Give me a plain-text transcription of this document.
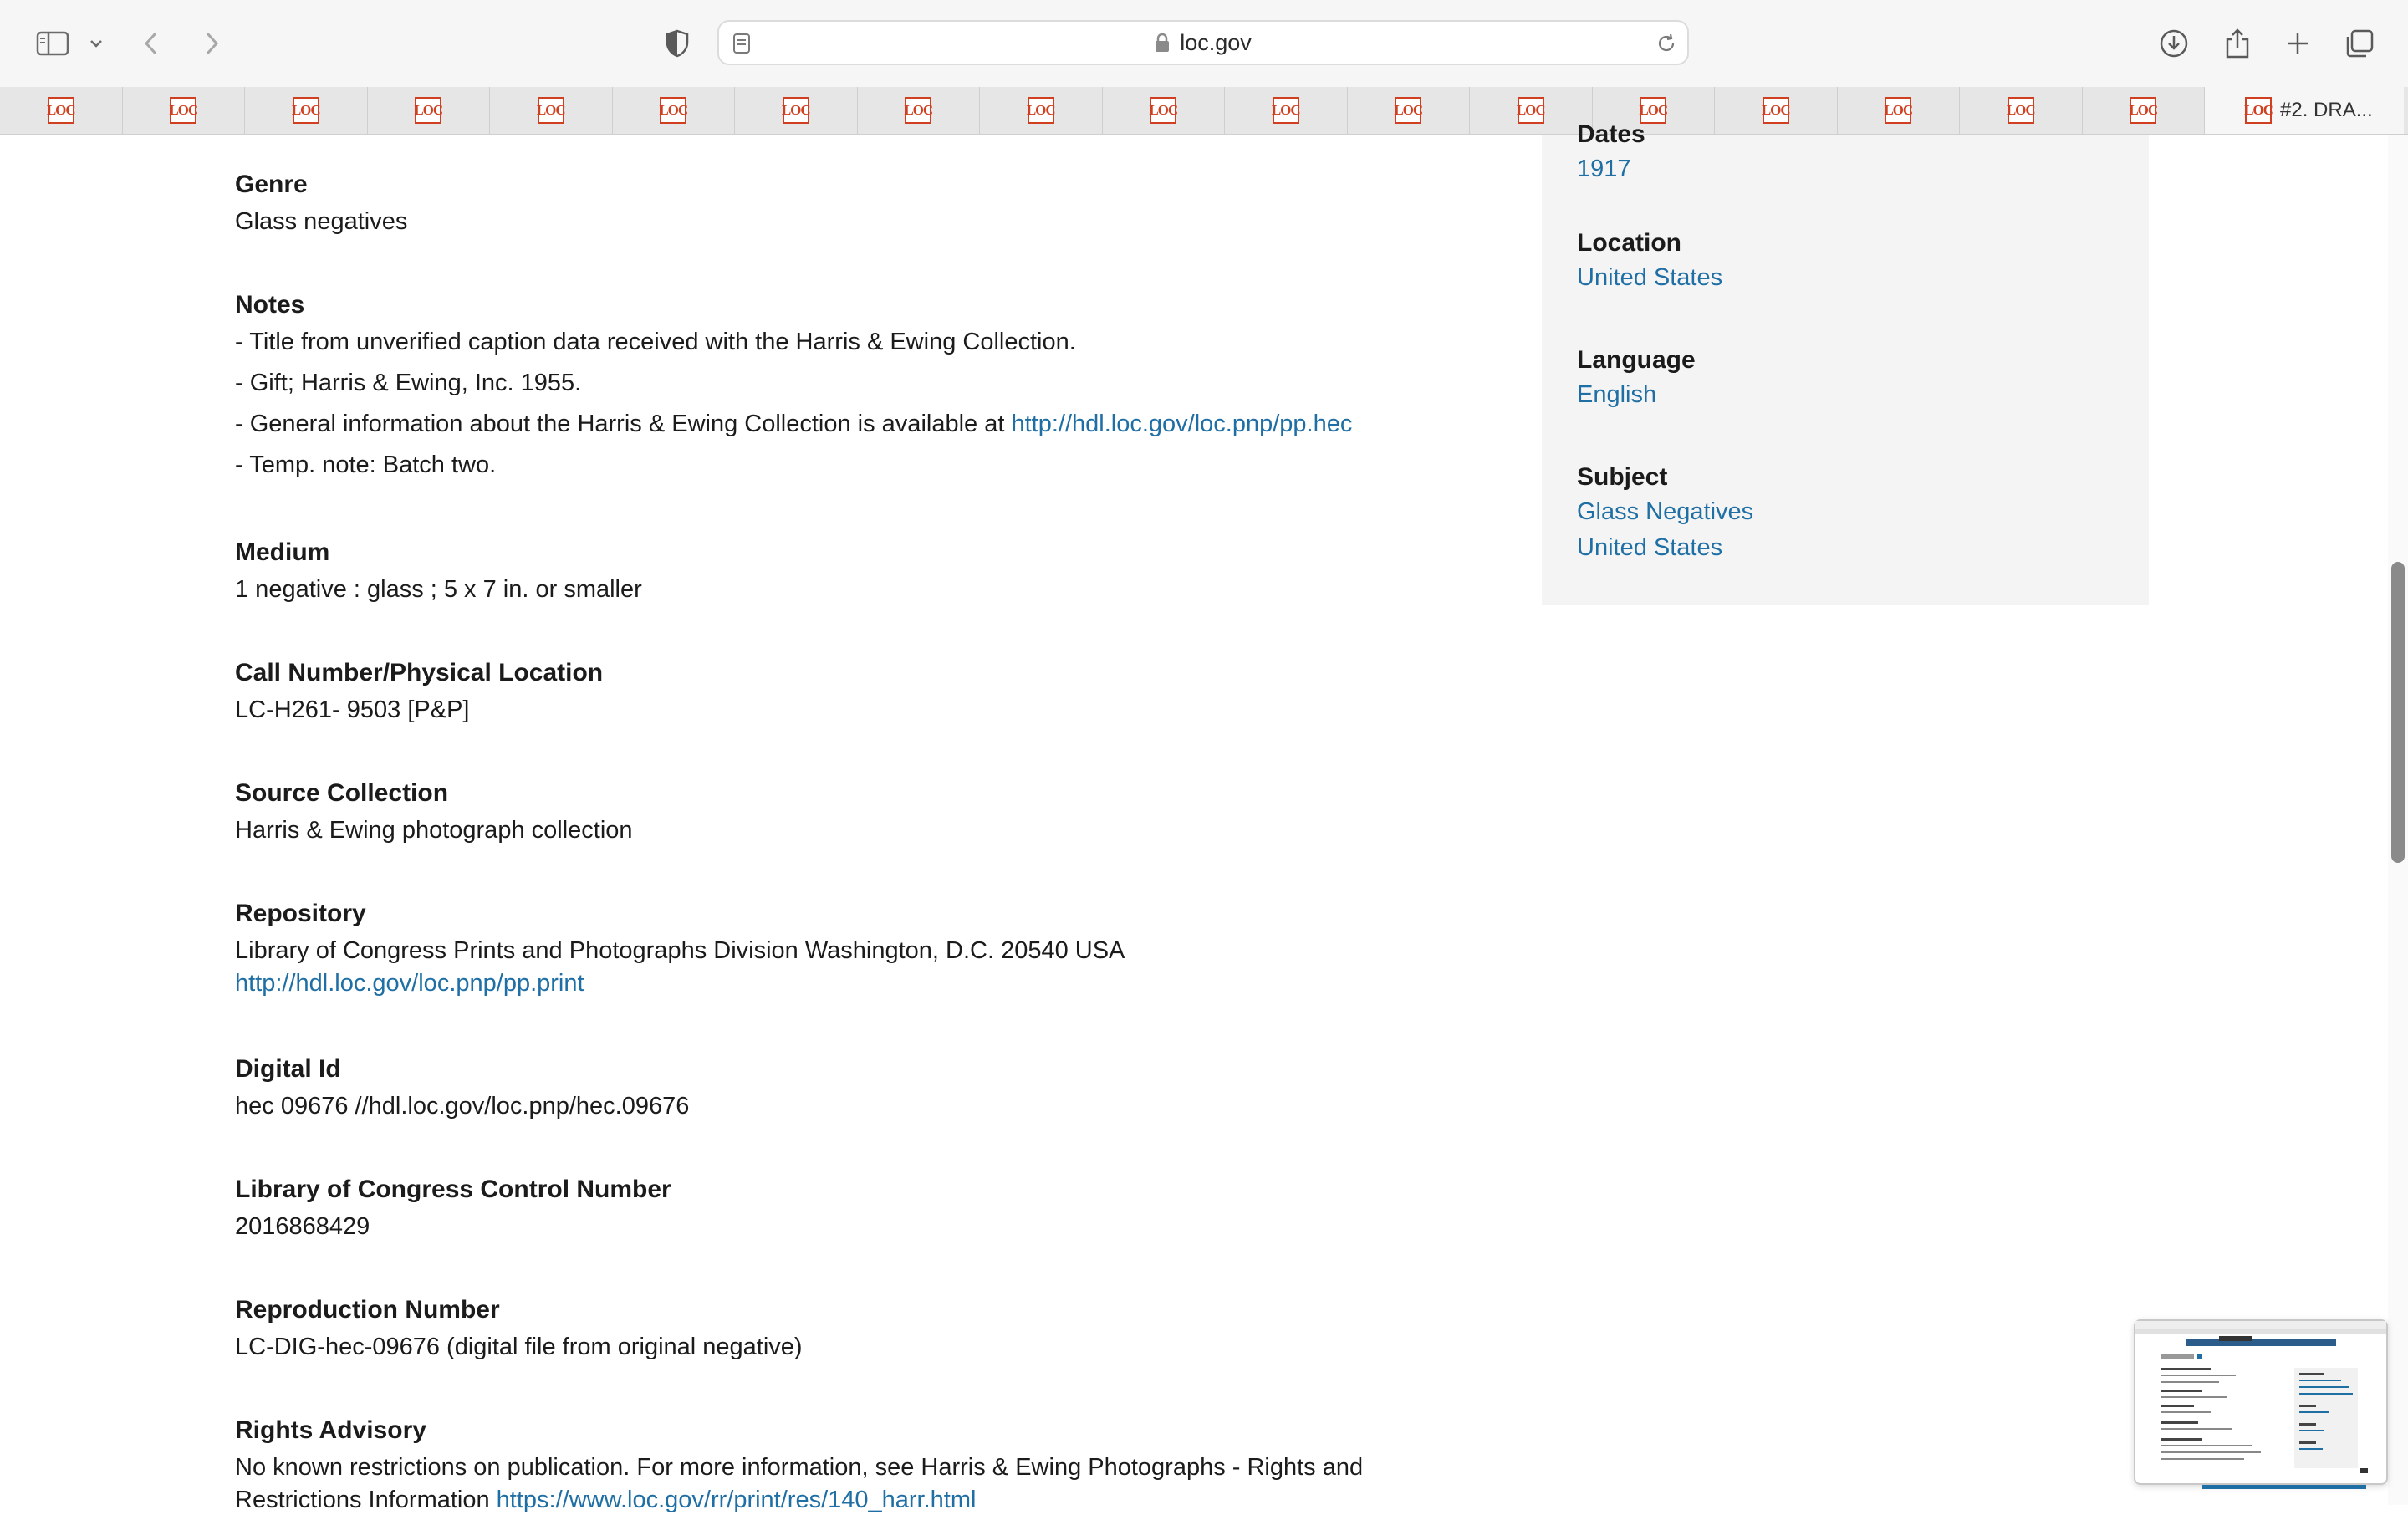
loc.gov
LOC	LOC	LOC	LOC	LOC	LOC	LOC	LOC	LOC	LOC	LOC	LOC	LOC	LOC	LOC	LOC	LOC	LOC	LOC #2. DRA...
Genre
Glass negatives
Notes
- Title from unverified caption data received with the Harris & Ewing Collection.
- Gift; Harris & Ewing, Inc. 1955.
- General information about the Harris & Ewing Collection is available at http://hdl.loc.gov/loc.pnp/pp.hec
- Temp. note: Batch two.
Medium
1 negative : glass ; 5 x 7 in. or smaller
Call Number/Physical Location
LC-H261- 9503 [P&P]
Source Collection
Harris & Ewing photograph collection
Repository
Library of Congress Prints and Photographs Division Washington, D.C. 20540 USA
http://hdl.loc.gov/loc.pnp/pp.print
Digital Id
hec 09676 //hdl.loc.gov/loc.pnp/hec.09676
Library of Congress Control Number
2016868429
Reproduction Number
LC-DIG-hec-09676 (digital file from original negative)
Rights Advisory
No known restrictions on publication. For more information, see Harris & Ewing Photographs - Rights and
Restrictions Information https://www.loc.gov/rr/print/res/140_harr.html
Dates
1917
Location
United States
Language
English
Subject
Glass Negatives
United States
